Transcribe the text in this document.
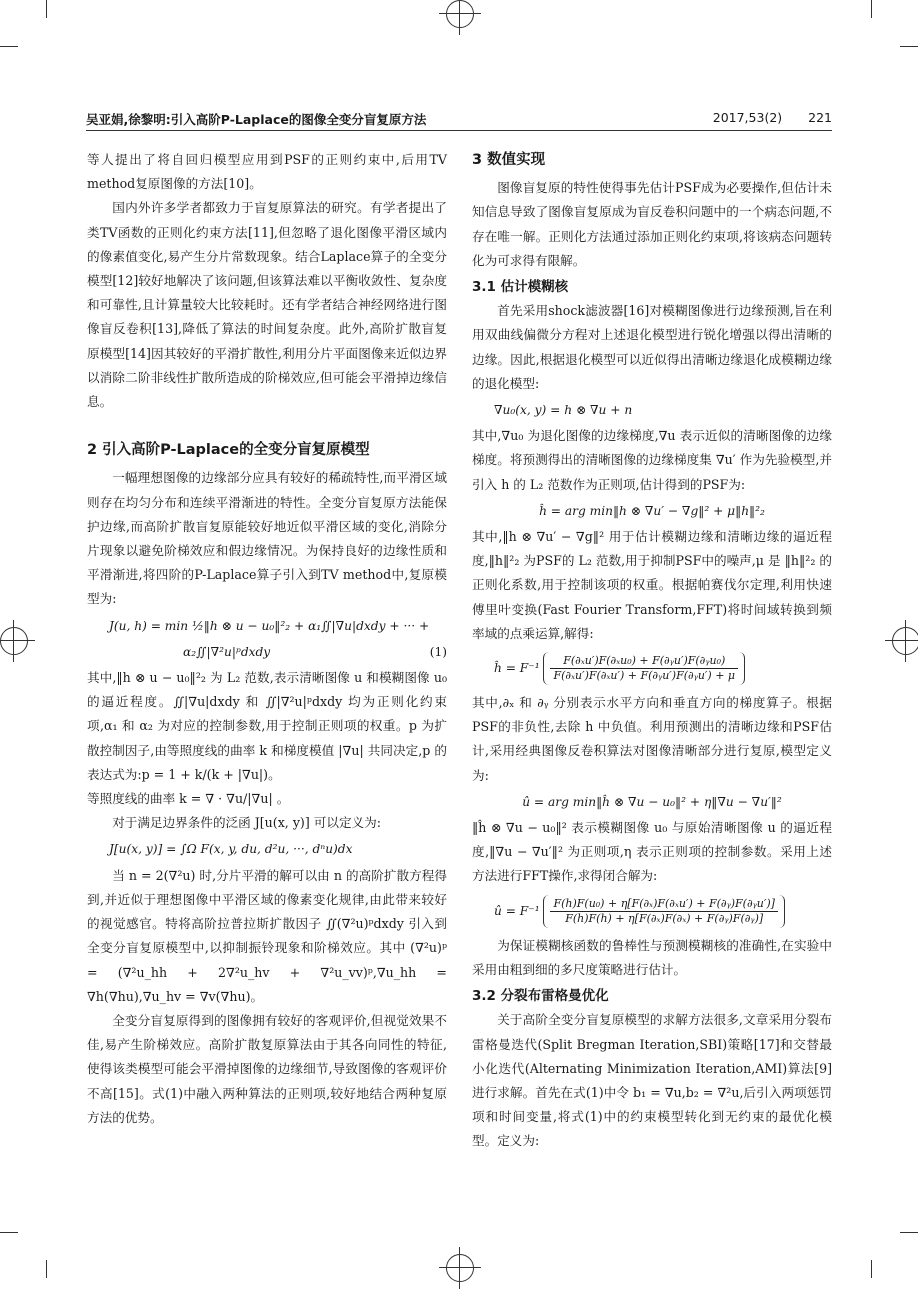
吴亚娟,徐黎明:引入高阶P-Laplace的图像全变分盲复原方法	2017,53(2) 221

等人提出了将自回归模型应用到PSF的正则约束中,后用TV method复原图像的方法[10]。

国内外许多学者都致力于盲复原算法的研究。有学者提出了类TV函数的正则化约束方法[11],但忽略了退化图像平滑区域内的像素值变化,易产生分片常数现象。结合Laplace算子的全变分模型[12]较好地解决了该问题,但该算法难以平衡收敛性、复杂度和可靠性,且计算量较大比较耗时。还有学者结合神经网络进行图像盲反卷积[13],降低了算法的时间复杂度。此外,高阶扩散盲复原模型[14]因其较好的平滑扩散性,利用分片平面图像来近似边界以消除二阶非线性扩散所造成的阶梯效应,但可能会平滑掉边缘信息。

2 引入高阶P-Laplace的全变分盲复原模型

一幅理想图像的边缘部分应具有较好的稀疏特性,而平滑区域则存在均匀分布和连续平滑渐进的特性。全变分盲复原方法能保护边缘,而高阶扩散盲复原能较好地近似平滑区域的变化,消除分片现象以避免阶梯效应和假边缘情况。为保持良好的边缘性质和平滑渐进,将四阶的P-Laplace算子引入到TV method中,复原模型为:

J(u, h) = min ½‖h ⊗ u − u₀‖²₂ + α₁∬|∇u|dxdy + ··· +
α₂∬|∇²u|ᵖdxdy	(1)

其中,‖h ⊗ u − u₀‖²₂ 为 L₂ 范数,表示清晰图像 u 和模糊图像 u₀ 的逼近程度。∬|∇u|dxdy 和 ∬|∇²u|ᵖdxdy 均为正则化约束项,α₁ 和 α₂ 为对应的控制参数,用于控制正则项的权重。p 为扩散控制因子,由等照度线的曲率 k 和梯度模值 |∇u| 共同决定,p 的表达式为:p = 1 + k/(k + |∇u|)。

等照度线的曲率 k = ∇ · ∇u/|∇u| 。

对于满足边界条件的泛函 J[u(x, y)] 可以定义为:

J[u(x, y)] = ∫Ω F(x, y, du, d²u, ···, dⁿu)dx

当 n = 2(∇²u) 时,分片平滑的解可以由 n 的高阶扩散方程得到,并近似于理想图像中平滑区域的像素变化规律,由此带来较好的视觉感官。特将高阶拉普拉斯扩散因子 ∬(∇²u)ᵖdxdy 引入到全变分盲复原模型中,以抑制振铃现象和阶梯效应。其中 (∇²u)ᵖ = (∇²u_hh + 2∇²u_hv + ∇²u_vv)ᵖ,∇u_hh = ∇h(∇hu),∇u_hv = ∇v(∇hu)。

全变分盲复原得到的图像拥有较好的客观评价,但视觉效果不佳,易产生阶梯效应。高阶扩散复原算法由于其各向同性的特征,使得该类模型可能会平滑掉图像的边缘细节,导致图像的客观评价不高[15]。式(1)中融入两种算法的正则项,较好地结合两种复原方法的优势。

3 数值实现

图像盲复原的特性使得事先估计PSF成为必要操作,但估计未知信息导致了图像盲复原成为盲反卷积问题中的一个病态问题,不存在唯一解。正则化方法通过添加正则化约束项,将该病态问题转化为可求得有限解。

3.1 估计模糊核

首先采用shock滤波器[16]对模糊图像进行边缘预测,旨在利用双曲线偏微分方程对上述退化模型进行锐化增强以得出清晰的边缘。因此,根据退化模型可以近似得出清晰边缘退化成模糊边缘的退化模型:

∇u₀(x, y) = h ⊗ ∇u + n

其中,∇u₀ 为退化图像的边缘梯度,∇u 表示近似的清晰图像的边缘梯度。将预测得出的清晰图像的边缘梯度集 ∇u′ 作为先验模型,并引入 h 的 L₂ 范数作为正则项,估计得到的PSF为:

ĥ = arg min‖h ⊗ ∇u′ − ∇g‖² + μ‖h‖²₂

其中,‖h ⊗ ∇u′ − ∇g‖² 用于估计模糊边缘和清晰边缘的逼近程度,‖h‖²₂ 为PSF的 L₂ 范数,用于抑制PSF中的噪声,μ 是 ‖h‖²₂ 的正则化系数,用于控制该项的权重。根据帕赛伐尔定理,利用快速傅里叶变换(Fast Fourier Transform,FFT)将时间域转换到频率域的点乘运算,解得:

ĥ = $F^{-1} \frac{\text{F(∂ₓu′)F(∂ₓu₀) + F(∂ᵧu′)F(∂ᵧu₀)}}{\text{F(∂ₓu′)F(∂ₓu′) + F(∂ᵧu′)F(∂ᵧu′) + μ}}$

其中,∂ₓ 和 ∂ᵧ 分别表示水平方向和垂直方向的梯度算子。根据PSF的非负性,去除 h 中负值。利用预测出的清晰边缘和PSF估计,采用经典图像反卷积算法对图像清晰部分进行复原,模型定义为:

û = arg min‖ĥ ⊗ ∇u − u₀‖² + η‖∇u − ∇u′‖²

‖ĥ ⊗ ∇u − u₀‖² 表示模糊图像 u₀ 与原始清晰图像 u 的逼近程度,‖∇u − ∇u′‖² 为正则项,η 表示正则项的控制参数。采用上述方法进行FFT操作,求得闭合解为:

û = $F^{-1} \frac{\text{F(h)F(u₀) + η[F(∂ₓ)F(∂ₓu′) + F(∂ᵧ)F(∂ᵧu′)]}}{\text{F(h)F(h) + η[F(∂ₓ)F(∂ₓ) + F(∂ᵧ)F(∂ᵧ)]}}$

为保证模糊核函数的鲁棒性与预测模糊核的准确性,在实验中采用由粗到细的多尺度策略进行估计。

3.2 分裂布雷格曼优化

关于高阶全变分盲复原模型的求解方法很多,文章采用分裂布雷格曼迭代(Split Bregman Iteration,SBI)策略[17]和交替最小化迭代(Alternating Minimization Iteration,AMI)算法[9]进行求解。首先在式(1)中令 b₁ = ∇u,b₂ = ∇²u,后引入两项惩罚项和时间变量,将式(1)中的约束模型转化到无约束的最优化模型。定义为:
